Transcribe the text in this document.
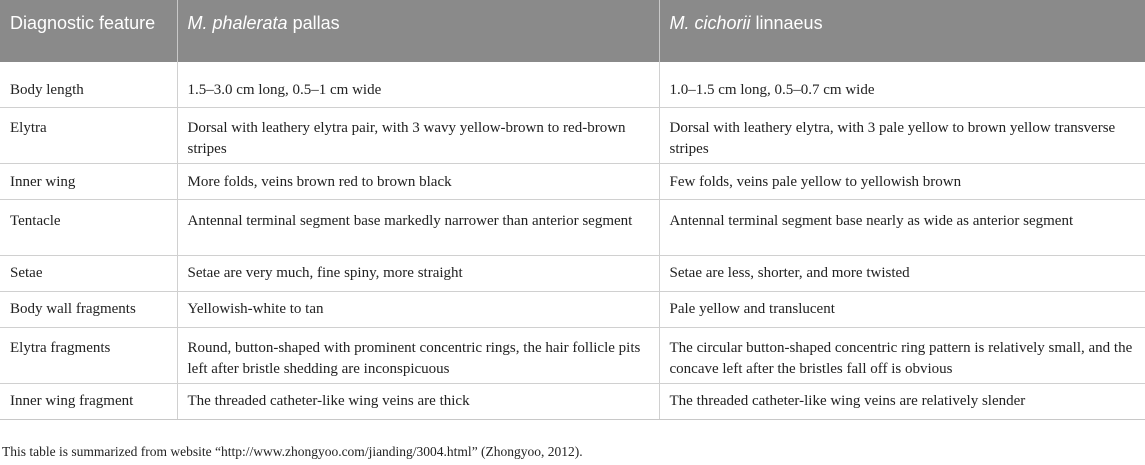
Diagnostic feature	M. phalerata pallas	M. cichorii linnaeus
Body length	1.5–3.0 cm long, 0.5–1 cm wide	1.0–1.5 cm long, 0.5–0.7 cm wide
Elytra	Dorsal with leathery elytra pair, with 3 wavy yellow-brown to red-brown stripes	Dorsal with leathery elytra, with 3 pale yellow to brown yellow transverse stripes
Inner wing	More folds, veins brown red to brown black	Few folds, veins pale yellow to yellowish brown
Tentacle	Antennal terminal segment base markedly narrower than anterior segment	Antennal terminal segment base nearly as wide as anterior segment
Setae	Setae are very much, fine spiny, more straight	Setae are less, shorter, and more twisted
Body wall fragments	Yellowish-white to tan	Pale yellow and translucent
Elytra fragments	Round, button-shaped with prominent concentric rings, the hair follicle pits left after bristle shedding are inconspicuous	The circular button-shaped concentric ring pattern is relatively small, and the concave left after the bristles fall off is obvious
Inner wing fragment	The threaded catheter-like wing veins are thick	The threaded catheter-like wing veins are relatively slender
This table is summarized from website “http://www.zhongyoo.com/jianding/3004.html” (Zhongyoo, 2012).
